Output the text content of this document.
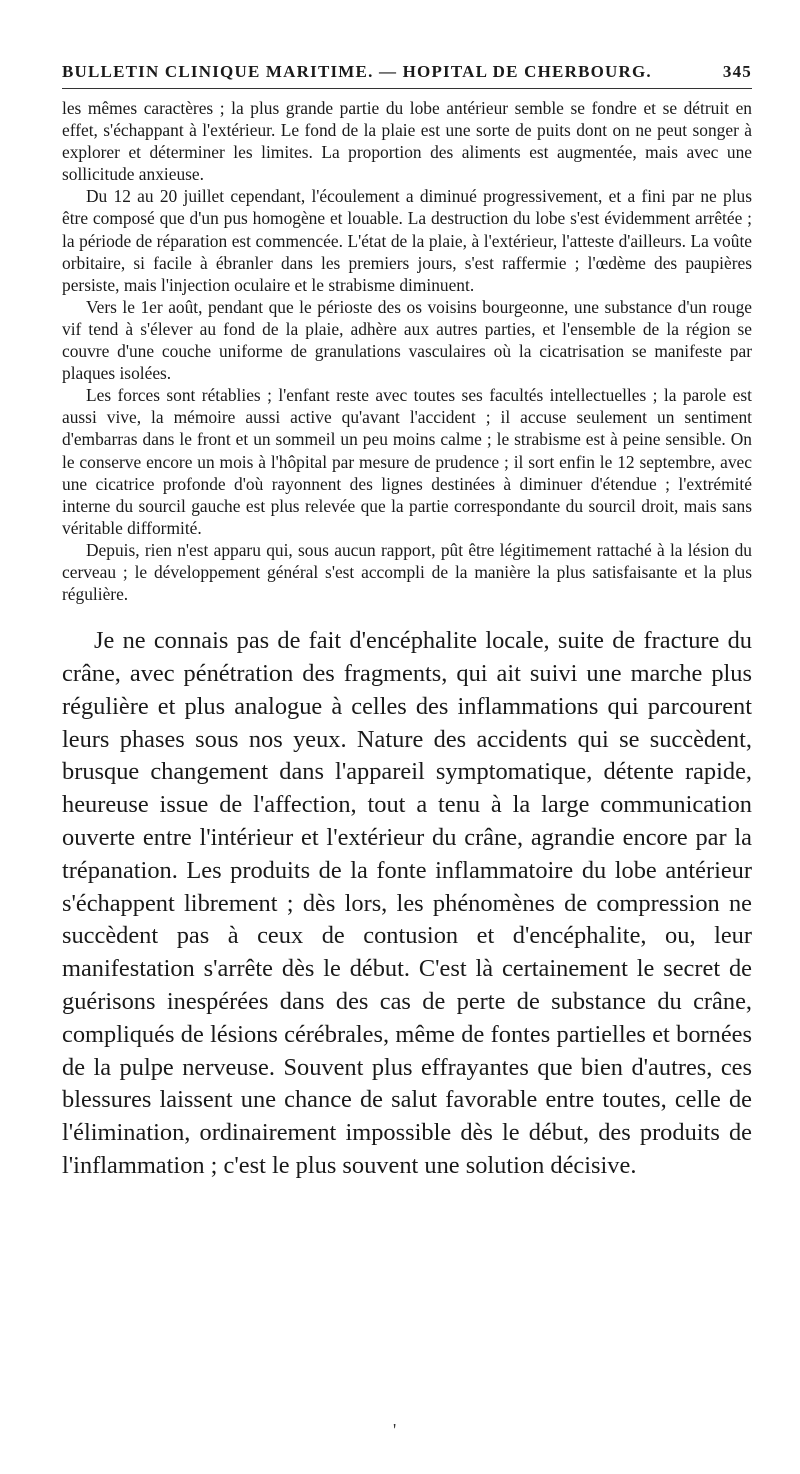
BULLETIN CLINIQUE MARITIME. — HOPITAL DE CHERBOURG.	345

les mêmes caractères ; la plus grande partie du lobe antérieur semble se fondre et se détruit en effet, s'échappant à l'extérieur. Le fond de la plaie est une sorte de puits dont on ne peut songer à explorer et déterminer les limites. La proportion des aliments est augmentée, mais avec une sollicitude anxieuse.

Du 12 au 20 juillet cependant, l'écoulement a diminué progressivement, et a fini par ne plus être composé que d'un pus homogène et louable. La destruction du lobe s'est évidemment arrêtée ; la période de réparation est commencée. L'état de la plaie, à l'extérieur, l'atteste d'ailleurs. La voûte orbitaire, si facile à ébranler dans les premiers jours, s'est raffermie ; l'œdème des paupières persiste, mais l'injection oculaire et le strabisme diminuent.

Vers le 1er août, pendant que le périoste des os voisins bourgeonne, une substance d'un rouge vif tend à s'élever au fond de la plaie, adhère aux autres parties, et l'ensemble de la région se couvre d'une couche uniforme de granulations vasculaires où la cicatrisation se manifeste par plaques isolées.

Les forces sont rétablies ; l'enfant reste avec toutes ses facultés intellectuelles ; la parole est aussi vive, la mémoire aussi active qu'avant l'accident ; il accuse seulement un sentiment d'embarras dans le front et un sommeil un peu moins calme ; le strabisme est à peine sensible. On le conserve encore un mois à l'hôpital par mesure de prudence ; il sort enfin le 12 septembre, avec une cicatrice profonde d'où rayonnent des lignes destinées à diminuer d'étendue ; l'extrémité interne du sourcil gauche est plus relevée que la partie correspondante du sourcil droit, mais sans véritable difformité.

Depuis, rien n'est apparu qui, sous aucun rapport, pût être légitimement rattaché à la lésion du cerveau ; le développement général s'est accompli de la manière la plus satisfaisante et la plus régulière.

Je ne connais pas de fait d'encéphalite locale, suite de fracture du crâne, avec pénétration des fragments, qui ait suivi une marche plus régulière et plus analogue à celles des inflammations qui parcourent leurs phases sous nos yeux. Nature des accidents qui se succèdent, brusque changement dans l'appareil symptomatique, détente rapide, heureuse issue de l'affection, tout a tenu à la large communication ouverte entre l'intérieur et l'extérieur du crâne, agrandie encore par la trépanation. Les produits de la fonte inflammatoire du lobe antérieur s'échappent librement ; dès lors, les phénomènes de compression ne succèdent pas à ceux de contusion et d'encéphalite, ou, leur manifestation s'arrête dès le début. C'est là certainement le secret de guérisons inespérées dans des cas de perte de substance du crâne, compliqués de lésions cérébrales, même de fontes partielles et bornées de la pulpe nerveuse. Souvent plus effrayantes que bien d'autres, ces blessures laissent une chance de salut favorable entre toutes, celle de l'élimination, ordinairement impossible dès le début, des produits de l'inflammation ; c'est le plus souvent une solution décisive.

'
